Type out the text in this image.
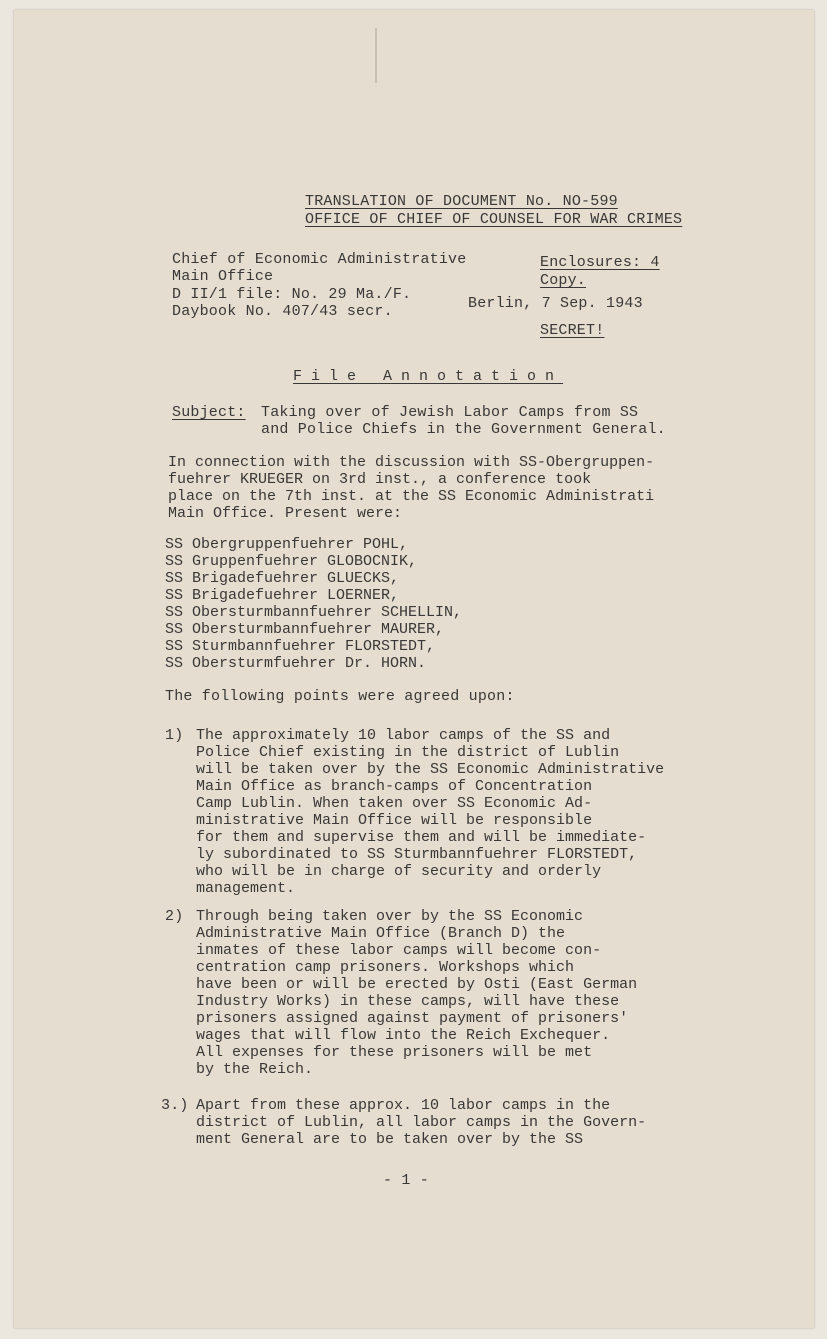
TRANSLATION OF DOCUMENT No. NO-599
OFFICE OF CHIEF OF COUNSEL FOR WAR CRIMES
Chief of Economic Administrative
Main Office
D II/1 file: No. 29 Ma./F.
Daybook No. 407/43 secr.
Enclosures: 4
Copy.
Berlin, 7 Sep. 1943
SECRET!
File Annotation
Subject: Taking over of Jewish Labor Camps from SS
and Police Chiefs in the Government General.
In connection with the discussion with SS-Obergruppen-
fuehrer KRUEGER on 3rd inst., a conference took
place on the 7th inst. at the SS Economic Administrati
Main Office. Present were:
SS Obergruppenfuehrer POHL,
SS Gruppenfuehrer GLOBOCNIK,
SS Brigadefuehrer GLUECKS,
SS Brigadefuehrer LOERNER,
SS Obersturmbannfuehrer SCHELLIN,
SS Obersturmbannfuehrer MAURER,
SS Sturmbannfuehrer FLORSTEDT,
SS Obersturmfuehrer Dr. HORN.
The following points were agreed upon:
1) The approximately 10 labor camps of the SS and
Police Chief existing in the district of Lublin
will be taken over by the SS Economic Administrative
Main Office as branch-camps of Concentration
Camp Lublin. When taken over SS Economic Ad-
ministrative Main Office will be responsible
for them and supervise them and will be immediate-
ly subordinated to SS Sturmbannfuehrer FLORSTEDT,
who will be in charge of security and orderly
management.
2) Through being taken over by the SS Economic
Administrative Main Office (Branch D) the
inmates of these labor camps will become con-
centration camp prisoners. Workshops which
have been or will be erected by Osti (East German
Industry Works) in these camps, will have these
prisoners assigned against payment of prisoners'
wages that will flow into the Reich Exchequer.
All expenses for these prisoners will be met
by the Reich.
3.) Apart from these approx. 10 labor camps in the
district of Lublin, all labor camps in the Govern-
ment General are to be taken over by the SS
- 1 -
